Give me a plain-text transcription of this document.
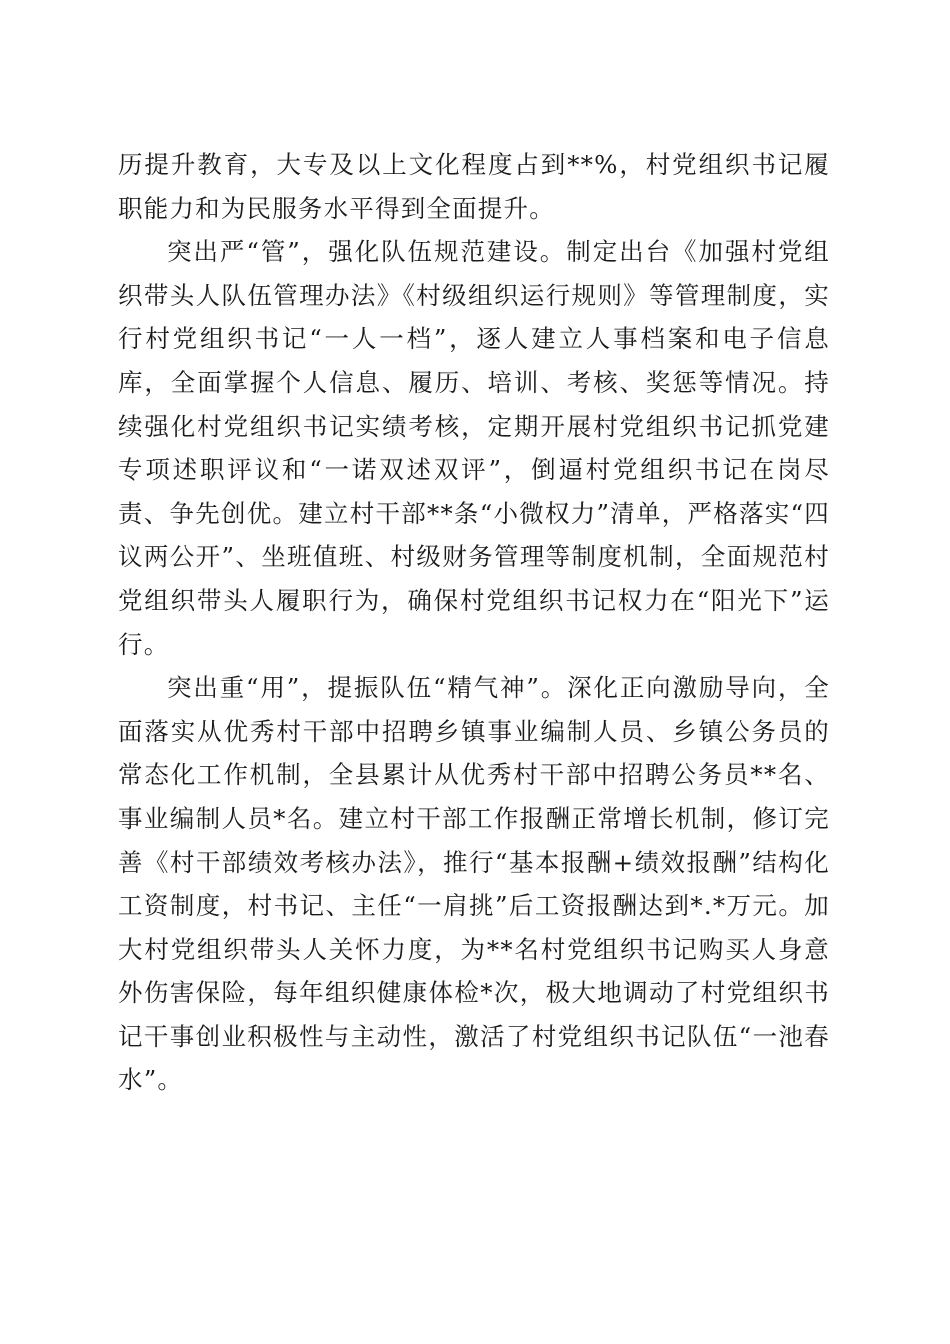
历提升教育，大专及以上文化程度占到**%，村党组织书记履职能力和为民服务水平得到全面提升。

突出严“管”，强化队伍规范建设。制定出台《加强村党组织带头人队伍管理办法》《村级组织运行规则》等管理制度，实行村党组织书记“一人一档”，逐人建立人事档案和电子信息库，全面掌握个人信息、履历、培训、考核、奖惩等情况。持续强化村党组织书记实绩考核，定期开展村党组织书记抓党建专项述职评议和“一诺双述双评”，倒逼村党组织书记在岗尽责、争先创优。建立村干部**条“小微权力”清单，严格落实“四议两公开”、坐班值班、村级财务管理等制度机制，全面规范村党组织带头人履职行为，确保村党组织书记权力在“阳光下”运行。

突出重“用”，提振队伍“精气神”。深化正向激励导向，全面落实从优秀村干部中招聘乡镇事业编制人员、乡镇公务员的常态化工作机制，全县累计从优秀村干部中招聘公务员**名、事业编制人员*名。建立村干部工作报酬正常增长机制，修订完善《村干部绩效考核办法》，推行“基本报酬+绩效报酬”结构化工资制度，村书记、主任“一肩挑”后工资报酬达到*.*万元。加大村党组织带头人关怀力度，为**名村党组织书记购买人身意外伤害保险，每年组织健康体检*次，极大地调动了村党组织书记干事创业积极性与主动性，激活了村党组织书记队伍“一池春水”。
